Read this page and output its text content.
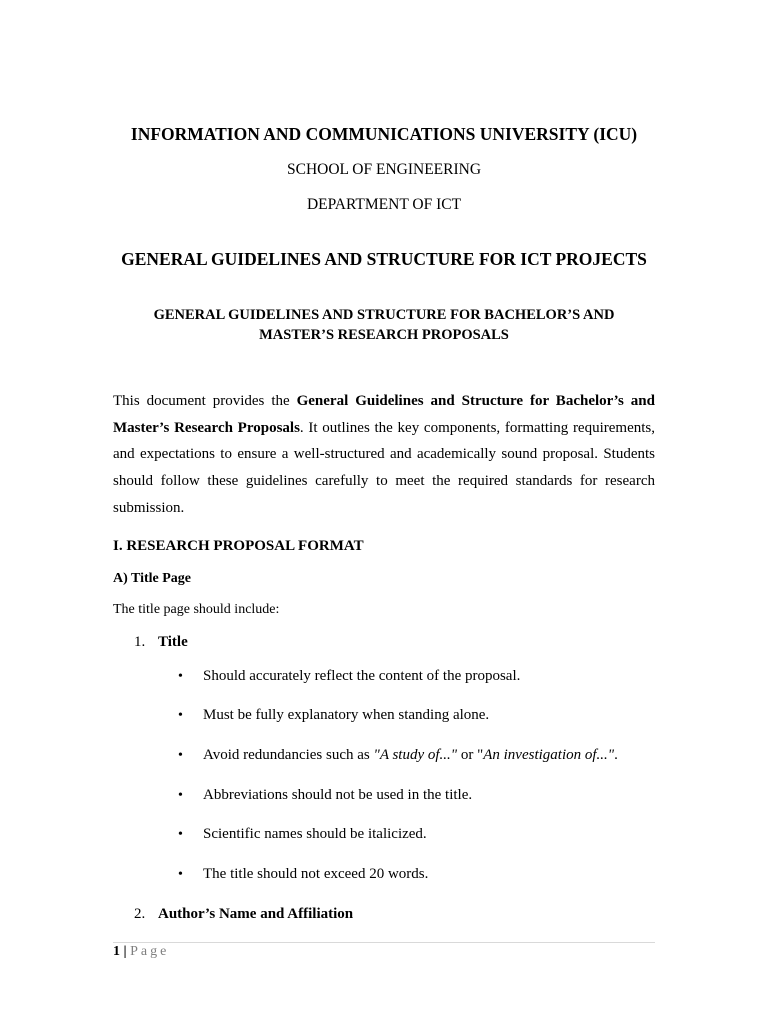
INFORMATION AND COMMUNICATIONS UNIVERSITY (ICU)
SCHOOL OF ENGINEERING
DEPARTMENT OF ICT
GENERAL GUIDELINES AND STRUCTURE FOR ICT PROJECTS
GENERAL GUIDELINES AND STRUCTURE FOR BACHELOR’S AND
MASTER’S RESEARCH PROPOSALS
This document provides the General Guidelines and Structure for Bachelor’s and Master’s Research Proposals. It outlines the key components, formatting requirements, and expectations to ensure a well-structured and academically sound proposal. Students should follow these guidelines carefully to meet the required standards for research submission.
I. RESEARCH PROPOSAL FORMAT
A) Title Page
The title page should include:
1. Title
• Should accurately reflect the content of the proposal.
• Must be fully explanatory when standing alone.
• Avoid redundancies such as "A study of..." or "An investigation of...".
• Abbreviations should not be used in the title.
• Scientific names should be italicized.
• The title should not exceed 20 words.
2. Author’s Name and Affiliation
1 | Page
